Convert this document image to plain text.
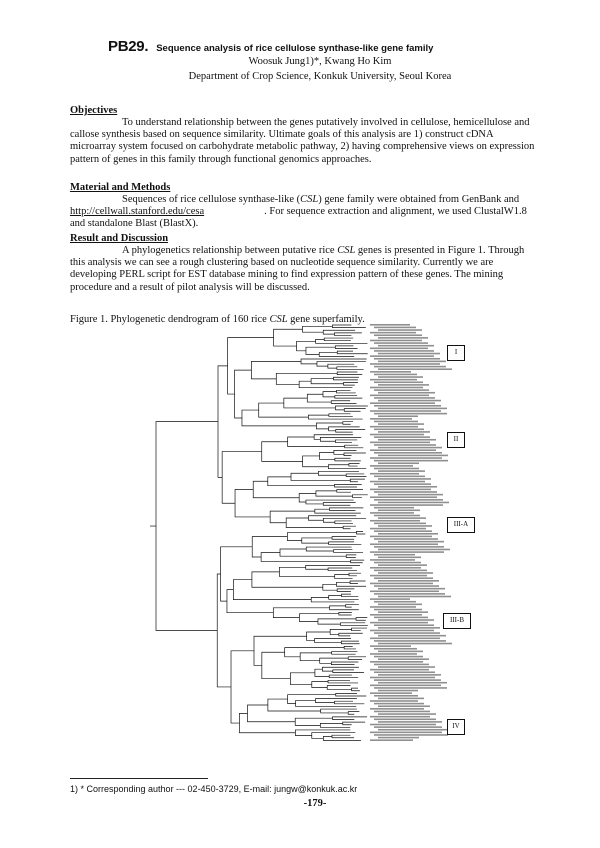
PB29. Sequence analysis of rice cellulose synthase-like gene family
Woosuk Jung1)*, Kwang Ho Kim
Department of Crop Science, Konkuk University, Seoul Korea
Objectives
To understand relationship between the genes putatively involved in cellulose, hemicellulose and callose synthesis based on sequence similarity. Ultimate goals of this analysis are 1) construct cDNA microarray system focused on carbohydrate metabolic pathway, 2) having comprehensive views on expression pattern of genes in this family through functional genomics approaches.
Material and Methods
Sequences of rice cellulose synthase-like (CSL) gene family were obtained from GenBank and http://cellwall.stanford.edu/cesa	. For sequence extraction and alignment, we used ClustalW1.8 and standalone Blast (BlastX).
Result and Discussion
A phylogenetics relationship between putative rice CSL genes is presented in Figure 1. Through this analysis we can see a rough clustering based on nucleotide sequence similarity. Currently we are developing PERL script for EST database mining to find expression pattern of these genes. The mining procedure and a result of pilot analysis will be discussed.
Figure 1. Phylogenetic dendrogram of 160 rice CSL gene superfamily.
I
II
III-A
III-B
IV
1) * Corresponding author --- 02-450-3729, E-mail: jungw@konkuk.ac.kr
-179-
